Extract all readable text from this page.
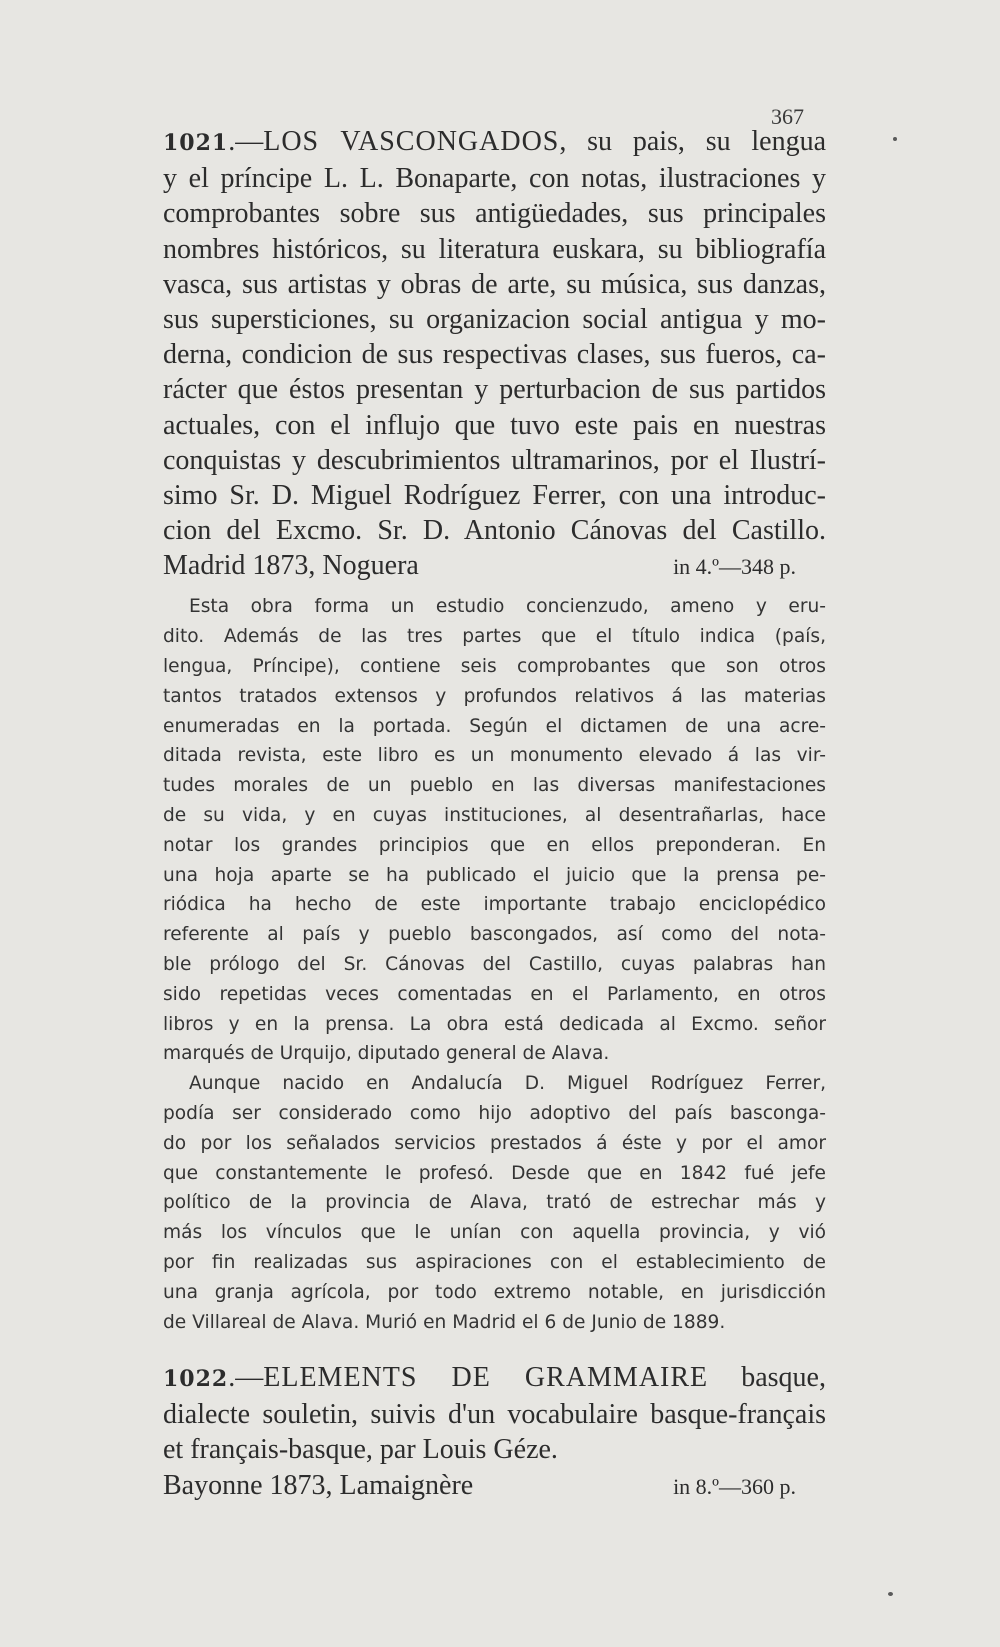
367
1021.—LOS VASCONGADOS, su pais, su lengua
y el príncipe L. L. Bonaparte, con notas, ilustraciones y
comprobantes sobre sus antigüedades, sus principales
nombres históricos, su literatura euskara, su bibliografía
vasca, sus artistas y obras de arte, su música, sus danzas,
sus supersticiones, su organizacion social antigua y mo-
derna, condicion de sus respectivas clases, sus fueros, ca-
rácter que éstos presentan y perturbacion de sus partidos
actuales, con el influjo que tuvo este pais en nuestras
conquistas y descubrimientos ultramarinos, por el Ilustrí-
simo Sr. D. Miguel Rodríguez Ferrer, con una introduc-
cion del Excmo. Sr. D. Antonio Cánovas del Castillo.
Madrid 1873, Noguera	in 4.º—348 p.
Esta obra forma un estudio concienzudo, ameno y eru-
dito. Además de las tres partes que el título indica (país,
lengua, Príncipe), contiene seis comprobantes que son otros
tantos tratados extensos y profundos relativos á las materias
enumeradas en la portada. Según el dictamen de una acre-
ditada revista, este libro es un monumento elevado á las vir-
tudes morales de un pueblo en las diversas manifestaciones
de su vida, y en cuyas instituciones, al desentrañarlas, hace
notar los grandes principios que en ellos preponderan. En
una hoja aparte se ha publicado el juicio que la prensa pe-
riódica ha hecho de este importante trabajo enciclopédico
referente al país y pueblo bascongados, así como del nota-
ble prólogo del Sr. Cánovas del Castillo, cuyas palabras han
sido repetidas veces comentadas en el Parlamento, en otros
libros y en la prensa. La obra está dedicada al Excmo. señor
marqués de Urquijo, diputado general de Alava.
Aunque nacido en Andalucía D. Miguel Rodríguez Ferrer,
podía ser considerado como hijo adoptivo del país basconga-
do por los señalados servicios prestados á éste y por el amor
que constantemente le profesó. Desde que en 1842 fué jefe
político de la provincia de Alava, trató de estrechar más y
más los vínculos que le unían con aquella provincia, y vió
por fin realizadas sus aspiraciones con el establecimiento de
una granja agrícola, por todo extremo notable, en jurisdicción
de Villareal de Alava. Murió en Madrid el 6 de Junio de 1889.
1022.—ELEMENTS DE GRAMMAIRE basque,
dialecte souletin, suivis d'un vocabulaire basque-français
et français-basque, par Louis Géze.
Bayonne 1873, Lamaignère	in 8.º—360 p.
